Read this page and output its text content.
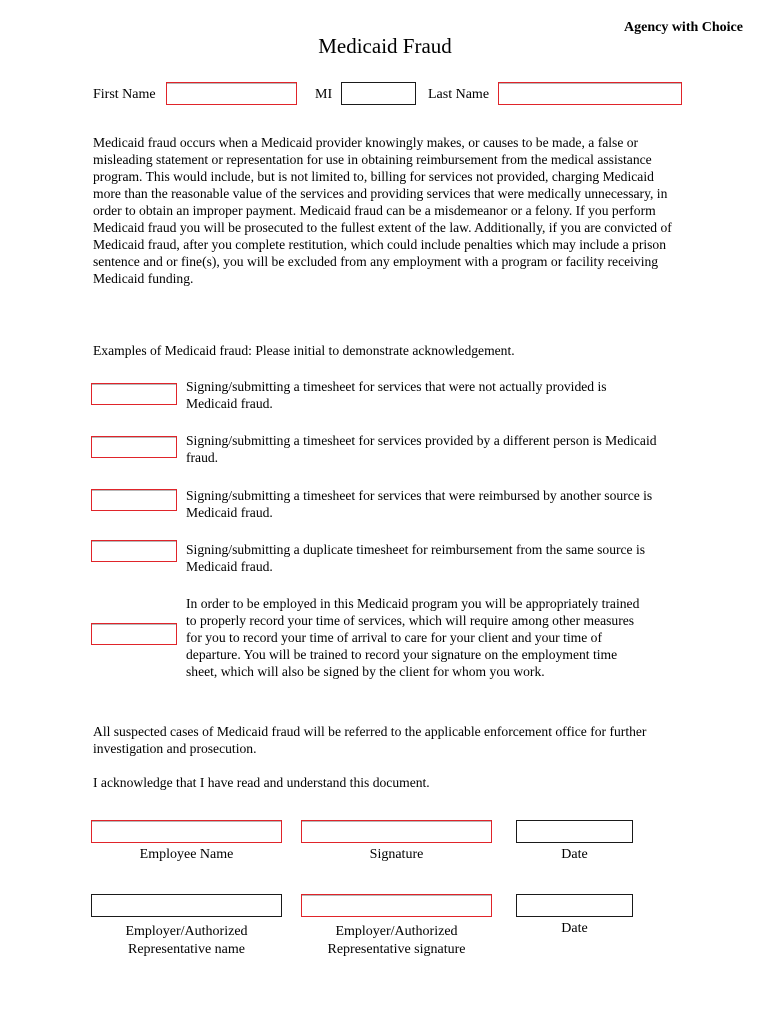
Agency with Choice
Medicaid Fraud
First Name	MI	Last Name
Medicaid fraud occurs when a Medicaid provider knowingly makes, or causes to be made, a false or misleading statement or representation for use in obtaining reimbursement from the medical assistance program. This would include, but is not limited to, billing for services not provided, charging Medicaid more than the reasonable value of the services and providing services that were medically unnecessary, in order to obtain an improper payment. Medicaid fraud can be a misdemeanor or a felony. If you perform Medicaid fraud you will be prosecuted to the fullest extent of the law. Additionally, if you are convicted of Medicaid fraud, after you complete restitution, which could include penalties which may include a prison sentence and or fine(s), you will be excluded from any employment with a program or facility receiving Medicaid funding.
Examples of Medicaid fraud: Please initial to demonstrate acknowledgement.
Signing/submitting a timesheet for services that were not actually provided is Medicaid fraud.
Signing/submitting a timesheet for services provided by a different person is Medicaid fraud.
Signing/submitting a timesheet for services that were reimbursed by another source is Medicaid fraud.
Signing/submitting a duplicate timesheet for reimbursement from the same source is Medicaid fraud.
In order to be employed in this Medicaid program you will be appropriately trained to properly record your time of services, which will require among other measures for you to record your time of arrival to care for your client and your time of departure. You will be trained to record your signature on the employment time sheet, which will also be signed by the client for whom you work.
All suspected cases of Medicaid fraud will be referred to the applicable enforcement office for further investigation and prosecution.
I acknowledge that I have read and understand this document.
Employee Name	Signature	Date
Employer/Authorized
Representative name
Employer/Authorized
Representative signature
Date
